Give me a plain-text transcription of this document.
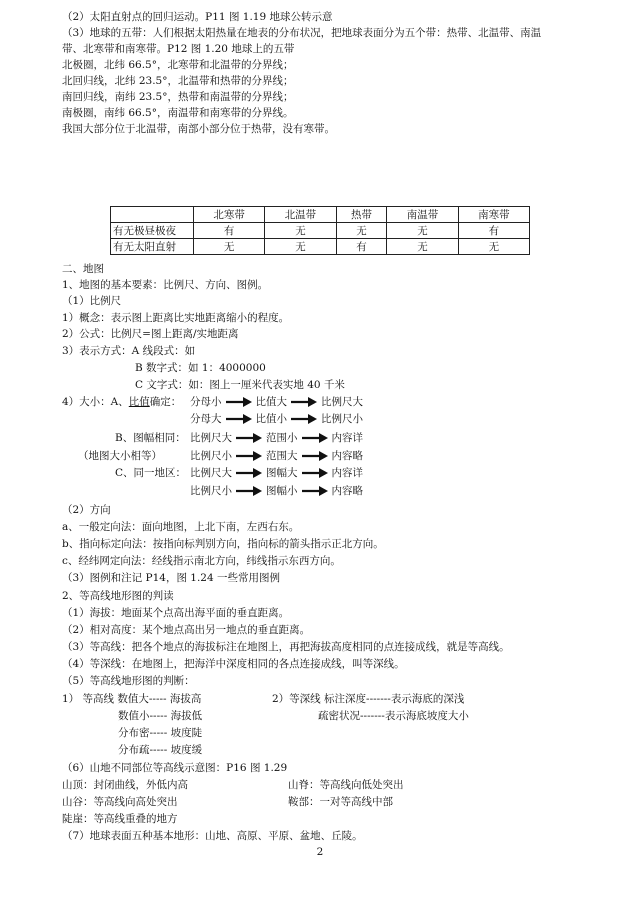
（2）太阳直射点的回归运动。P11 图 1.19 地球公转示意
（3）地球的五带：人们根据太阳热量在地表的分布状况，把地球表面分为五个带：热带、北温带、南温
带、北寒带和南寒带。P12 图 1.20 地球上的五带
北极圈，北纬 66.5°，北寒带和北温带的分界线；
北回归线，北纬 23.5°，北温带和热带的分界线；
南回归线，南纬 23.5°，热带和南温带的分界线；
南极圈，南纬 66.5°，南温带和南寒带的分界线。
我国大部分位于北温带，南部小部分位于热带，没有寒带。
	北寒带	北温带	热带	南温带	南寒带
有无极昼极夜	有	无	无	无	有
有无太阳直射	无	无	有	无	无
二、地图
1、地图的基本要素：比例尺、方向、图例。
（1）比例尺
1）概念：表示图上距离比实地距离缩小的程度。
2）公式：比例尺=图上距离/实地距离
3）表示方式：A 线段式：如
B 数字式：如 1：4000000
C 文字式：如：图上一厘米代表实地 40 千米
4）大小：A、比值确定： 分母小	比值大	比例尺大
分母大	比值小	比例尺小
B、图幅相同： 比例尺大	范围小	内容详
（地图大小相等）	比例尺小	范围大	内容略
C、同一地区： 比例尺大	图幅大	内容详
比例尺小	图幅小	内容略
（2）方向
a、一般定向法：面向地图，上北下南，左西右东。
b、指向标定向法：按指向标判别方向，指向标的箭头指示正北方向。
c、经纬网定向法：经线指示南北方向，纬线指示东西方向。
（3）图例和注记 P14，图 1.24 一些常用图例
2、等高线地形图的判读
（1）海拔：地面某个点高出海平面的垂直距离。
（2）相对高度：某个地点高出另一地点的垂直距离。
（3）等高线：把各个地点的海拔标注在地图上，再把海拔高度相同的点连接成线，就是等高线。
（4）等深线：在地图上，把海洋中深度相同的各点连接成线，叫等深线。
（5）等高线地形图的判断：
1） 等高线 数值大----- 海拔高	2）等深线 标注深度-------表示海底的深浅
数值小----- 海拔低	疏密状况-------表示海底坡度大小
分布密----- 坡度陡
分布疏----- 坡度缓
（6）山地不同部位等高线示意图：P16 图 1.29
山顶：封闭曲线，外低内高	山脊：等高线向低处突出
山谷：等高线向高处突出	鞍部：一对等高线中部
陡崖：等高线重叠的地方
（7）地球表面五种基本地形：山地、高原、平原、盆地、丘陵。
2
